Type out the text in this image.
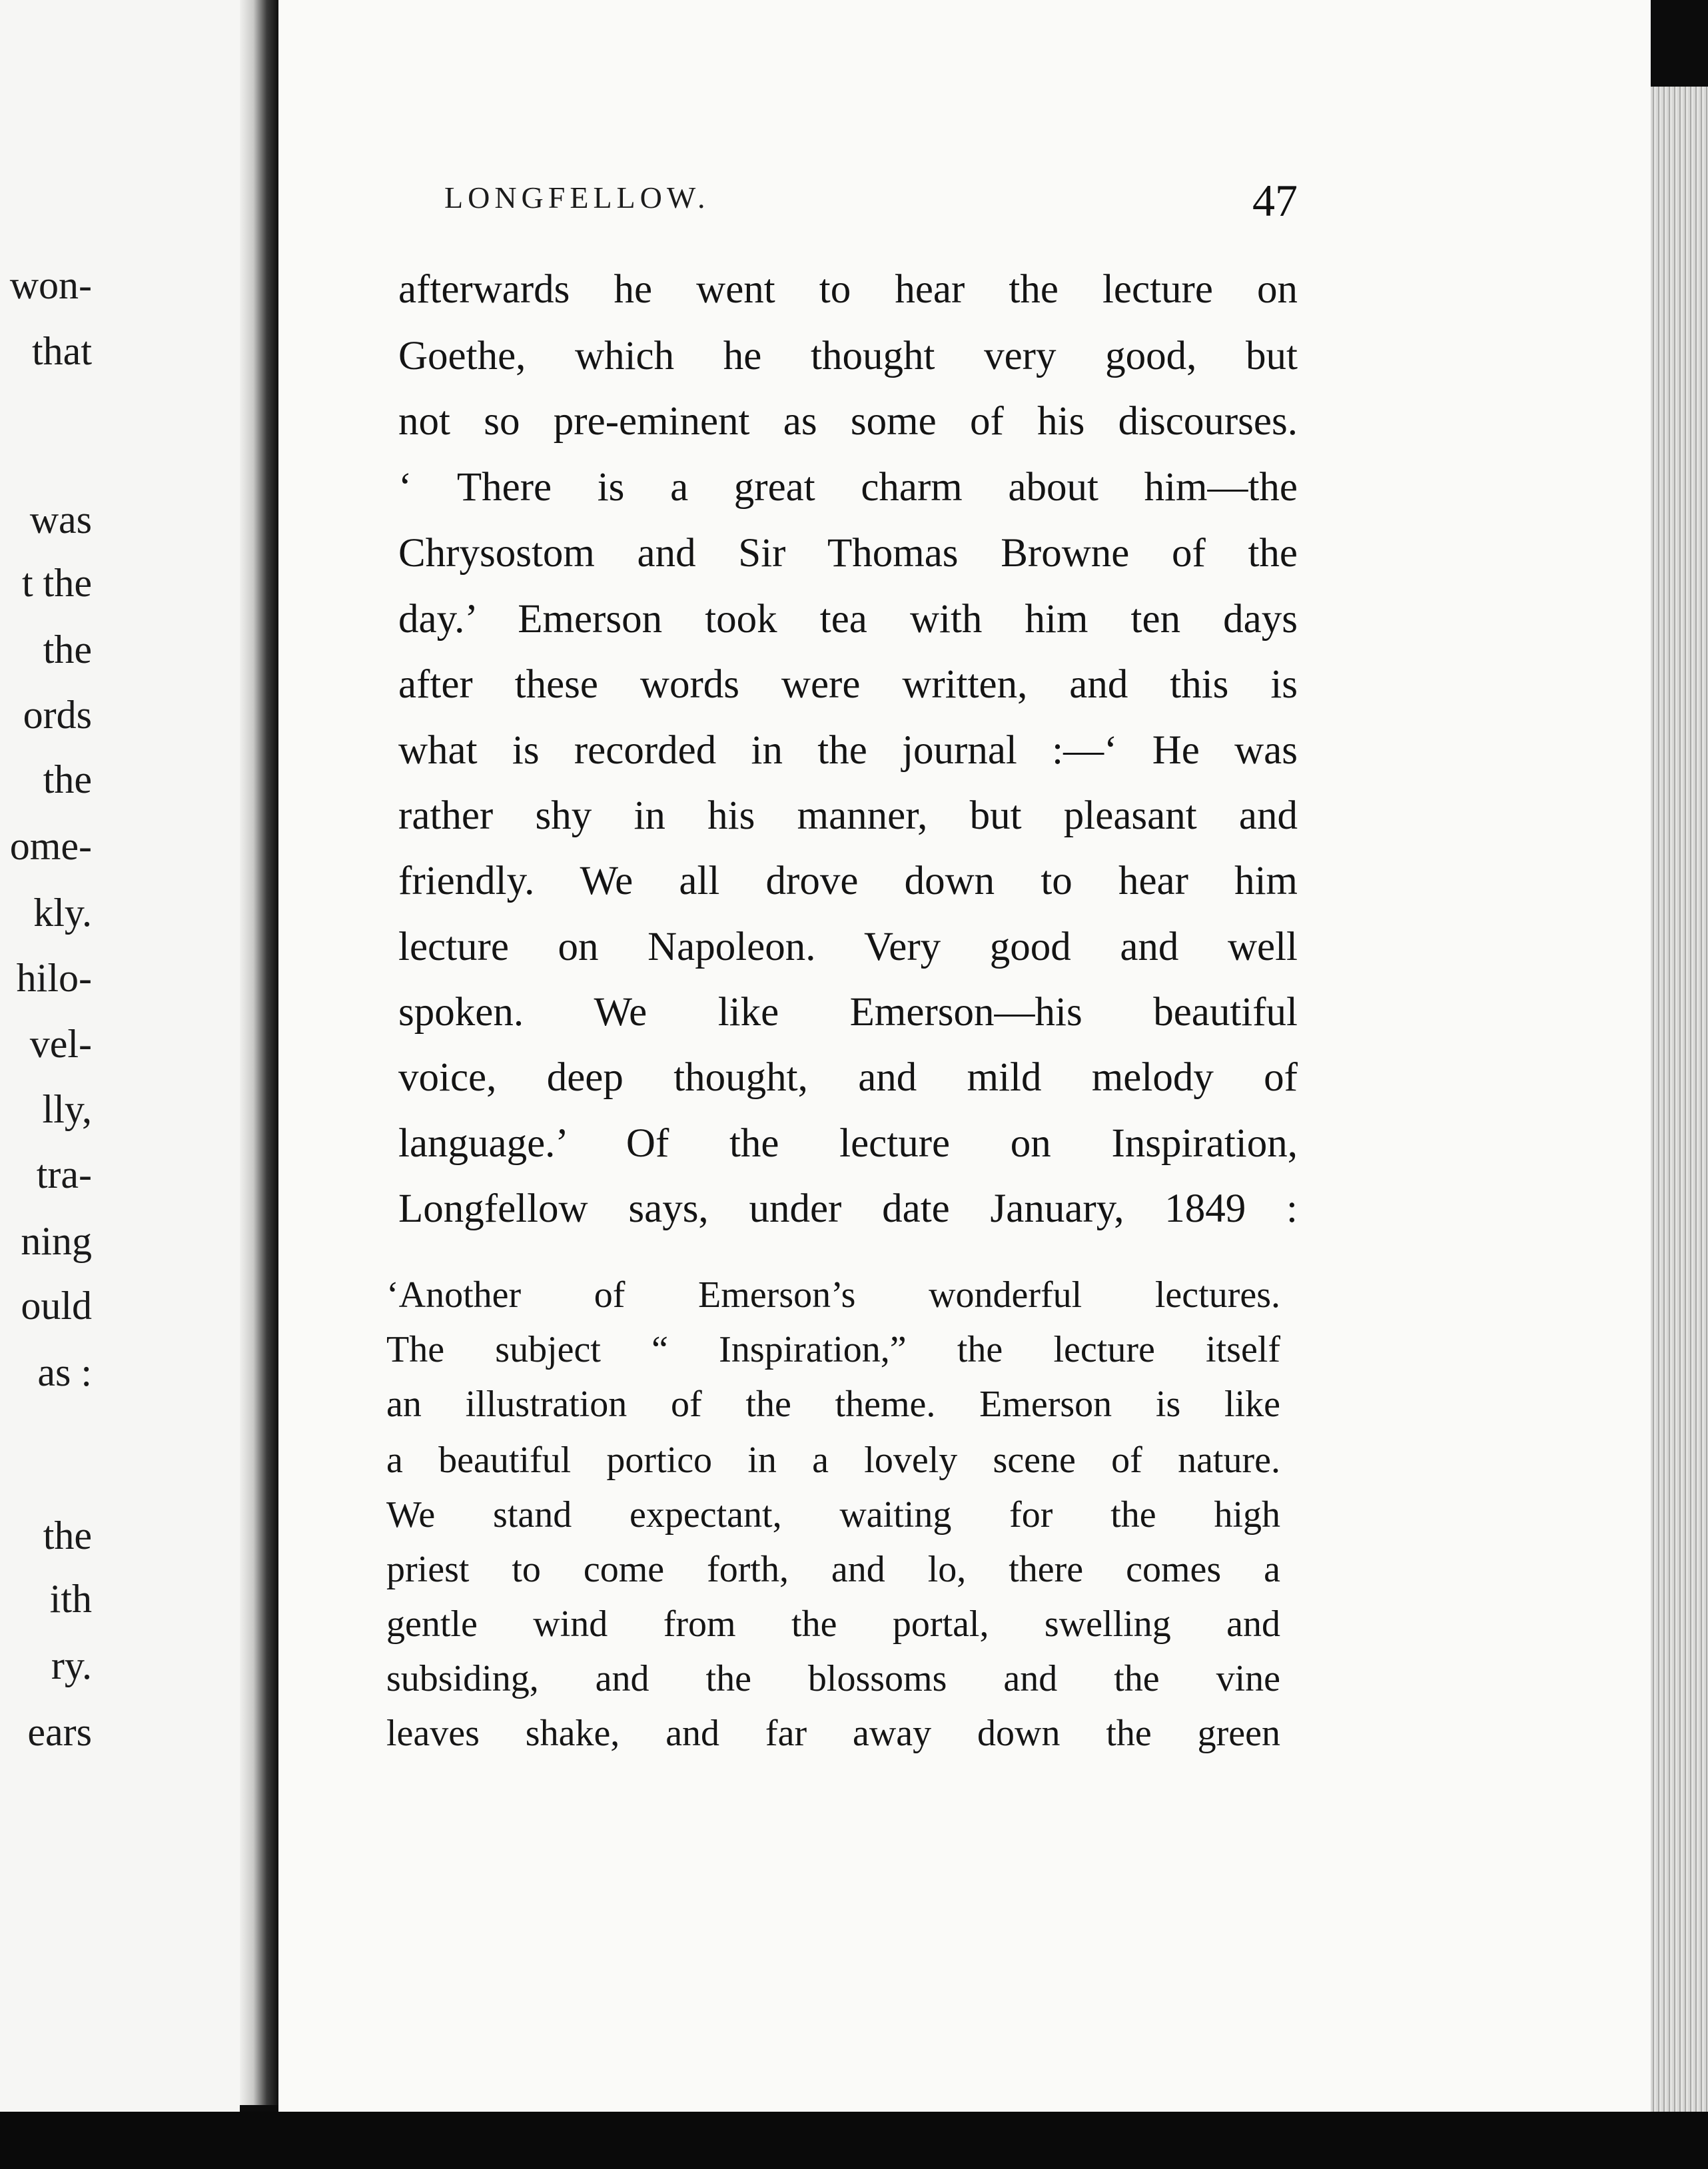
won-
that
was
t the
the
ords
the
ome-
kly.
hilo-
vel-
lly,
tra-
ning
ould
as :
the
ith
ry.
ears
LONGFELLOW.	47
afterwards he went to hear the lecture on
Goethe, which he thought very good, but
not so pre-eminent as some of his discourses.
‘ There is a great charm about him—the
Chrysostom and Sir Thomas Browne of the
day.’ Emerson took tea with him ten days
after these words were written, and this is
what is recorded in the journal :—‘ He was
rather shy in his manner, but pleasant and
friendly. We all drove down to hear him
lecture on Napoleon. Very good and well
spoken. We like Emerson—his beautiful
voice, deep thought, and mild melody of
language.’ Of the lecture on Inspiration,
Longfellow says, under date January, 1849 :
‘Another of Emerson’s wonderful lectures.
The subject “ Inspiration,” the lecture itself
an illustration of the theme. Emerson is like
a beautiful portico in a lovely scene of nature.
We stand expectant, waiting for the high
priest to come forth, and lo, there comes a
gentle wind from the portal, swelling and
subsiding, and the blossoms and the vine
leaves shake, and far away down the green
